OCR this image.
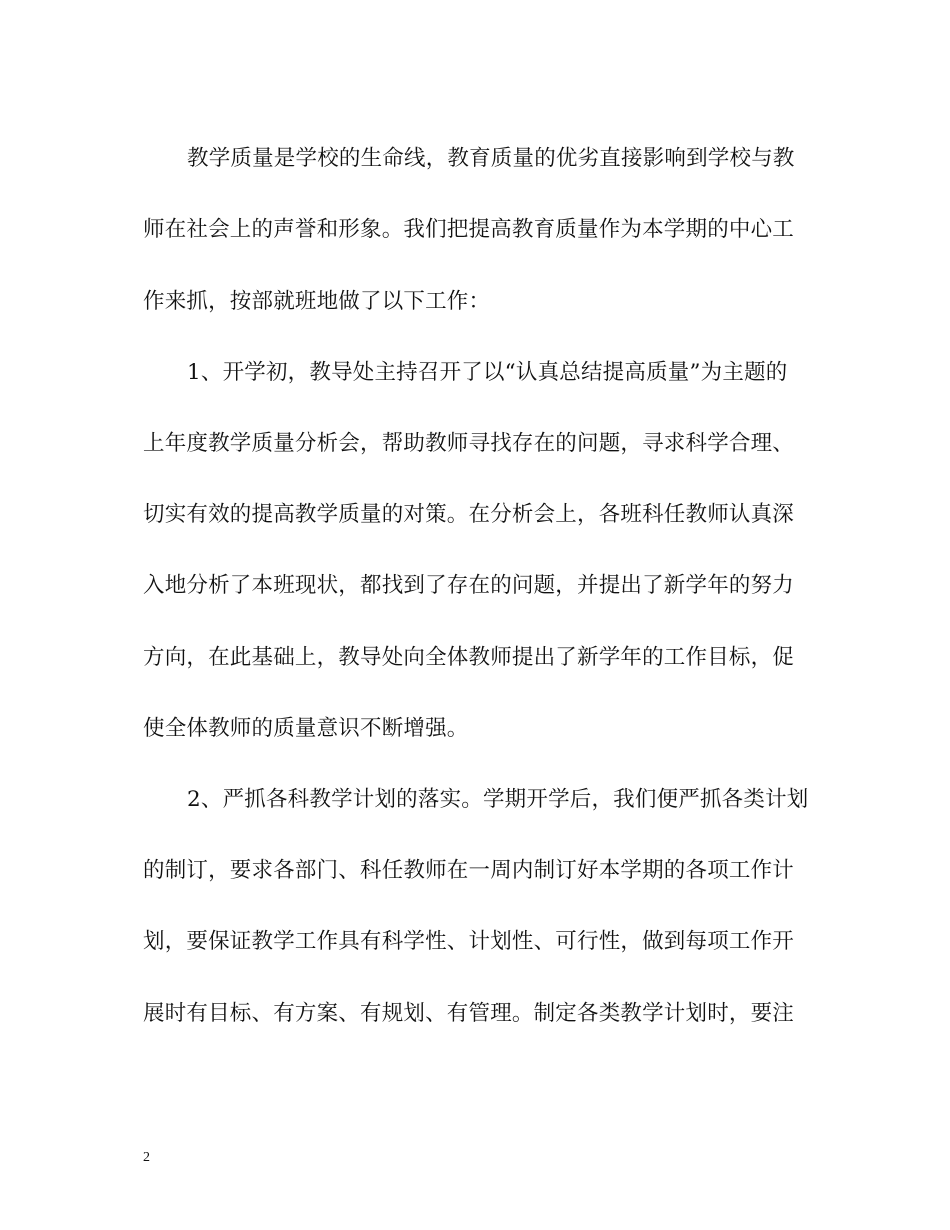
教学质量是学校的生命线，教育质量的优劣直接影响到学校与教
师在社会上的声誉和形象。我们把提高教育质量作为本学期的中心工
作来抓，按部就班地做了以下工作：
1、开学初，教导处主持召开了以“认真总结提高质量”为主题的
上年度教学质量分析会，帮助教师寻找存在的问题，寻求科学合理、
切实有效的提高教学质量的对策。在分析会上，各班科任教师认真深
入地分析了本班现状，都找到了存在的问题，并提出了新学年的努力
方向，在此基础上，教导处向全体教师提出了新学年的工作目标，促
使全体教师的质量意识不断增强。
2、严抓各科教学计划的落实。学期开学后，我们便严抓各类计划
的制订，要求各部门、科任教师在一周内制订好本学期的各项工作计
划，要保证教学工作具有科学性、计划性、可行性，做到每项工作开
展时有目标、有方案、有规划、有管理。制定各类教学计划时，要注
2
